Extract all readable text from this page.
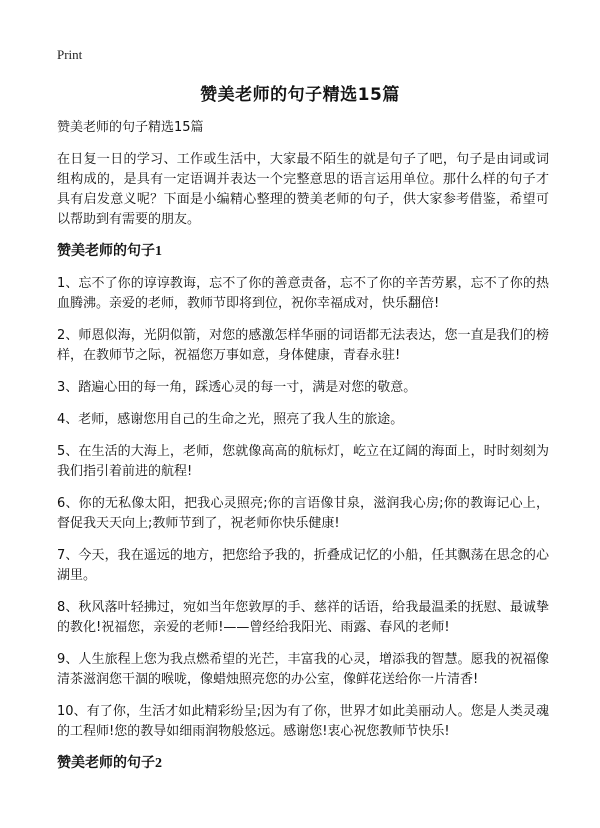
Print
赞美老师的句子精选15篇

赞美老师的句子精选15篇

在日复一日的学习、工作或生活中，大家最不陌生的就是句子了吧，句子是由词或词组构成的，是具有一定语调并表达一个完整意思的语言运用单位。那什么样的句子才具有启发意义呢？下面是小编精心整理的赞美老师的句子，供大家参考借鉴，希望可以帮助到有需要的朋友。

赞美老师的句子1

1、忘不了你的谆谆教诲，忘不了你的善意责备，忘不了你的辛苦劳累，忘不了你的热血腾沸。亲爱的老师，教师节即将到位，祝你幸福成对，快乐翻倍!

2、师恩似海，光阴似箭，对您的感激怎样华丽的词语都无法表达，您一直是我们的榜样，在教师节之际，祝福您万事如意，身体健康，青春永驻!

3、踏遍心田的每一角，踩透心灵的每一寸，满是对您的敬意。

4、老师，感谢您用自己的生命之光，照亮了我人生的旅途。

5、在生活的大海上，老师，您就像高高的航标灯，屹立在辽阔的海面上，时时刻刻为我们指引着前进的航程!

6、你的无私像太阳，把我心灵照亮;你的言语像甘泉，滋润我心房;你的教诲记心上，督促我天天向上;教师节到了，祝老师你快乐健康!

7、今天，我在遥远的地方，把您给予我的，折叠成记忆的小船，任其飘荡在思念的心湖里。

8、秋风落叶轻拂过，宛如当年您敦厚的手、慈祥的话语，给我最温柔的抚慰、最诚挚的教化!祝福您，亲爱的老师!——曾经给我阳光、雨露、春风的老师!

9、人生旅程上您为我点燃希望的光芒，丰富我的心灵，增添我的智慧。愿我的祝福像清茶滋润您干涸的喉咙，像蜡烛照亮您的办公室，像鲜花送给你一片清香!

10、有了你，生活才如此精彩纷呈;因为有了你，世界才如此美丽动人。您是人类灵魂的工程师!您的教导如细雨润物般悠远。感谢您!衷心祝您教师节快乐!

赞美老师的句子2
